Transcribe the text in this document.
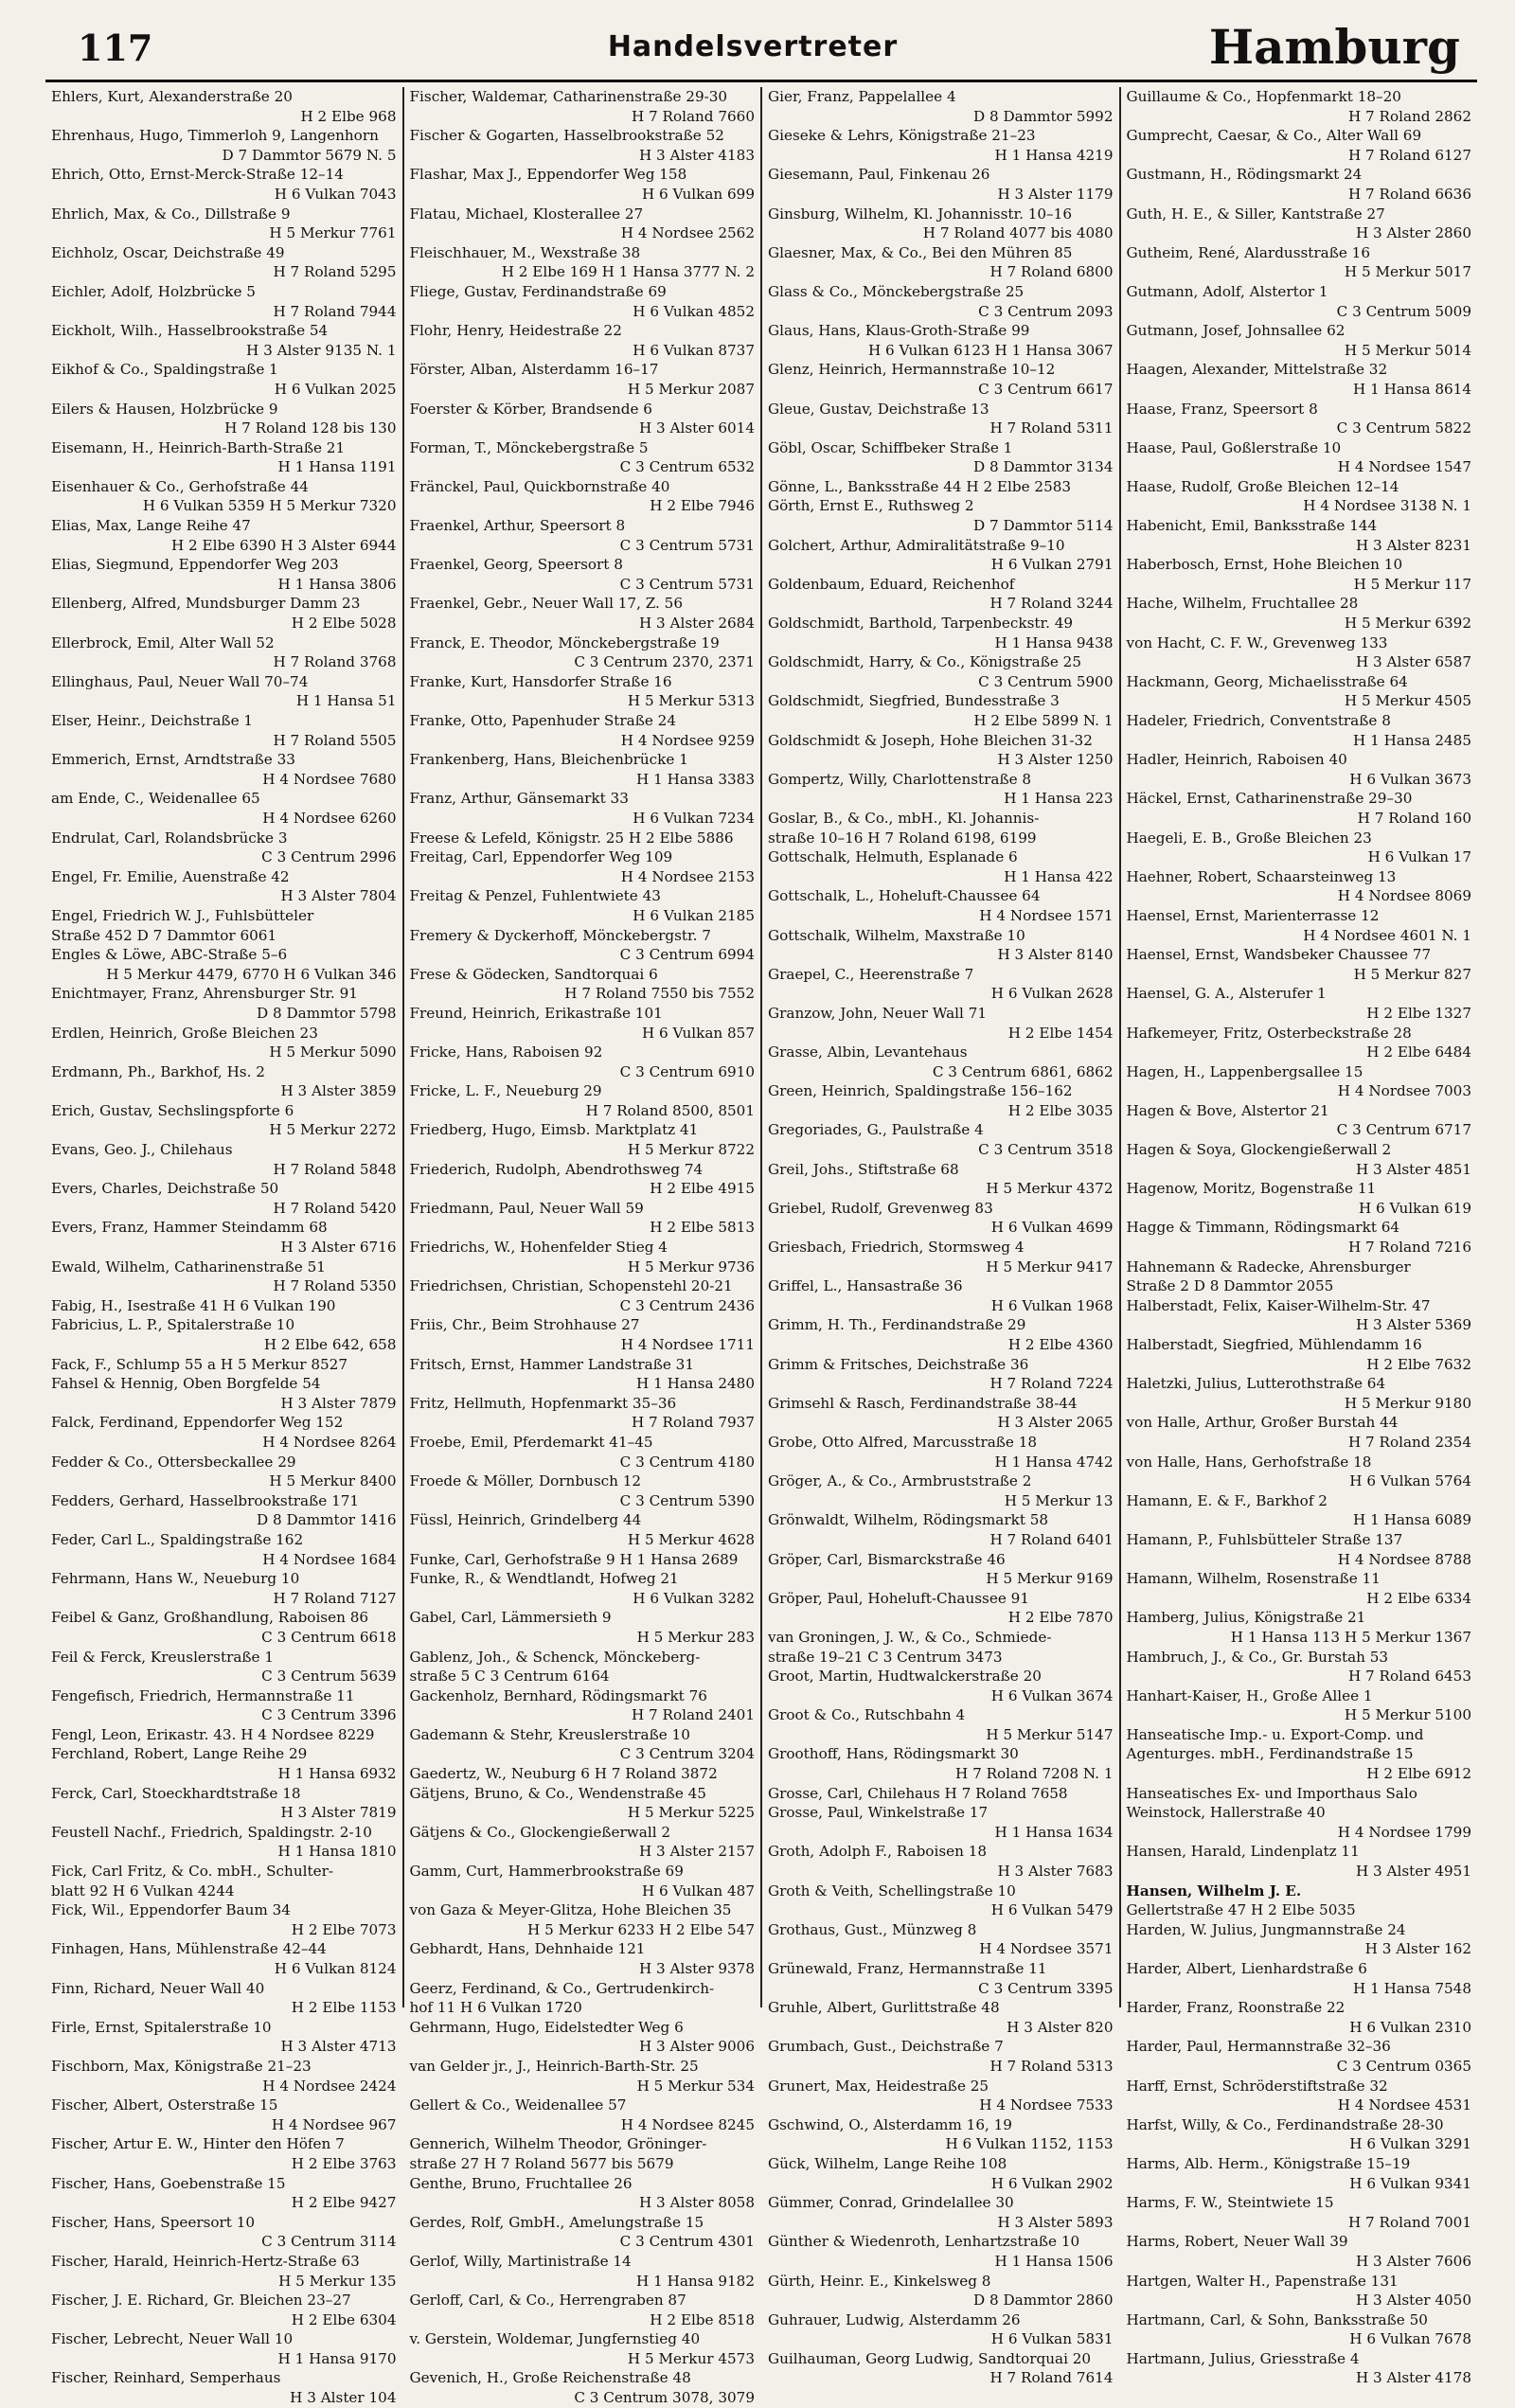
117	Handelsvertreter	Hamburg
Ehlers, Kurt, Alexanderstraße 20
H 2 Elbe 968
Ehrenhaus, Hugo, Timmerloh 9, Langenhorn
D 7 Dammtor 5679 N. 5
Ehrich, Otto, Ernst-Merck-Straße 12–14
H 6 Vulkan 7043
Ehrlich, Max, & Co., Dillstraße 9
H 5 Merkur 7761
Eichholz, Oscar, Deichstraße 49
H 7 Roland 5295
Eichler, Adolf, Holzbrücke 5
H 7 Roland 7944
Eickholt, Wilh., Hasselbrookstraße 54
H 3 Alster 9135 N. 1
Eikhof & Co., Spaldingstraße 1
H 6 Vulkan 2025
Eilers & Hausen, Holzbrücke 9
H 7 Roland 128 bis 130
Eisemann, H., Heinrich-Barth-Straße 21
H 1 Hansa 1191
Eisenhauer & Co., Gerhofstraße 44
H 6 Vulkan 5359 H 5 Merkur 7320
Elias, Max, Lange Reihe 47
H 2 Elbe 6390 H 3 Alster 6944
Elias, Siegmund, Eppendorfer Weg 203
H 1 Hansa 3806
Ellenberg, Alfred, Mundsburger Damm 23
H 2 Elbe 5028
Ellerbrock, Emil, Alter Wall 52
H 7 Roland 3768
Ellinghaus, Paul, Neuer Wall 70–74
H 1 Hansa 51
Elser, Heinr., Deichstraße 1
H 7 Roland 5505
Emmerich, Ernst, Arndtstraße 33
H 4 Nordsee 7680
am Ende, C., Weidenallee 65
H 4 Nordsee 6260
Endrulat, Carl, Rolandsbrücke 3
C 3 Centrum 2996
Engel, Fr. Emilie, Auenstraße 42
H 3 Alster 7804
Engel, Friedrich W. J., Fuhlsbütteler
Straße 452 D 7 Dammtor 6061
Engles & Löwe, ABC-Straße 5–6
H 5 Merkur 4479, 6770 H 6 Vulkan 346
Enichtmayer, Franz, Ahrensburger Str. 91
D 8 Dammtor 5798
Erdlen, Heinrich, Große Bleichen 23
H 5 Merkur 5090
Erdmann, Ph., Barkhof, Hs. 2
H 3 Alster 3859
Erich, Gustav, Sechslingspforte 6
H 5 Merkur 2272
Evans, Geo. J., Chilehaus
H 7 Roland 5848
Evers, Charles, Deichstraße 50
H 7 Roland 5420
Evers, Franz, Hammer Steindamm 68
H 3 Alster 6716
Ewald, Wilhelm, Catharinenstraße 51
H 7 Roland 5350
Fabig, H., Isestraße 41 H 6 Vulkan 190
Fabricius, L. P., Spitalerstraße 10
H 2 Elbe 642, 658
Fack, F., Schlump 55 a H 5 Merkur 8527
Fahsel & Hennig, Oben Borgfelde 54
H 3 Alster 7879
Falck, Ferdinand, Eppendorfer Weg 152
H 4 Nordsee 8264
Fedder & Co., Ottersbeckallee 29
H 5 Merkur 8400
Fedders, Gerhard, Hasselbrookstraße 171
D 8 Dammtor 1416
Feder, Carl L., Spaldingstraße 162
H 4 Nordsee 1684
Fehrmann, Hans W., Neueburg 10
H 7 Roland 7127
Feibel & Ganz, Großhandlung, Raboisen 86
C 3 Centrum 6618
Feil & Ferck, Kreuslerstraße 1
C 3 Centrum 5639
Fengefisch, Friedrich, Hermannstraße 11
C 3 Centrum 3396
Fengl, Leon, Eriкastr. 43. H 4 Nordsee 8229
Ferchland, Robert, Lange Reihe 29
H 1 Hansa 6932
Ferck, Carl, Stoeckhardtstraße 18
H 3 Alster 7819
Feustell Nachf., Friedrich, Spaldingstr. 2-10
H 1 Hansa 1810
Fick, Carl Fritz, & Co. mbH., Schulter-
blatt 92 H 6 Vulkan 4244
Fick, Wil., Eppendorfer Baum 34
H 2 Elbe 7073
Finhagen, Hans, Mühlenstraße 42–44
H 6 Vulkan 8124
Finn, Richard, Neuer Wall 40
H 2 Elbe 1153
Firle, Ernst, Spitalerstraße 10
H 3 Alster 4713
Fischborn, Max, Königstraße 21–23
H 4 Nordsee 2424
Fischer, Albert, Osterstraße 15
H 4 Nordsee 967
Fischer, Artur E. W., Hinter den Höfen 7
H 2 Elbe 3763
Fischer, Hans, Goebenstraße 15
H 2 Elbe 9427
Fischer, Hans, Speersort 10
C 3 Centrum 3114
Fischer, Harald, Heinrich-Hertz-Straße 63
H 5 Merkur 135
Fischer, J. E. Richard, Gr. Bleichen 23–27
H 2 Elbe 6304
Fischer, Lebrecht, Neuer Wall 10
H 1 Hansa 9170
Fischer, Reinhard, Semperhaus
H 3 Alster 104
Fischer, Waldemar, Catharinenstraße 29-30
H 7 Roland 7660
Fischer & Gogarten, Hasselbrookstraße 52
H 3 Alster 4183
Flashar, Max J., Eppendorfer Weg 158
H 6 Vulkan 699
Flatau, Michael, Klosterallee 27
H 4 Nordsee 2562
Fleischhauer, M., Wexstraße 38
H 2 Elbe 169 H 1 Hansa 3777 N. 2
Fliege, Gustav, Ferdinandstraße 69
H 6 Vulkan 4852
Flohr, Henry, Heidestraße 22
H 6 Vulkan 8737
Förster, Alban, Alsterdamm 16–17
H 5 Merkur 2087
Foerster & Körber, Brandsende 6
H 3 Alster 6014
Forman, T., Mönckebergstraße 5
C 3 Centrum 6532
Fränckel, Paul, Quickbornstraße 40
H 2 Elbe 7946
Fraenkel, Arthur, Speersort 8
C 3 Centrum 5731
Fraenkel, Georg, Speersort 8
C 3 Centrum 5731
Fraenkel, Gebr., Neuer Wall 17, Z. 56
H 3 Alster 2684
Franck, E. Theodor, Mönckebergstraße 19
C 3 Centrum 2370, 2371
Franke, Kurt, Hansdorfer Straße 16
H 5 Merkur 5313
Franke, Otto, Papenhuder Straße 24
H 4 Nordsee 9259
Frankenberg, Hans, Bleichenbrücke 1
H 1 Hansa 3383
Franz, Arthur, Gänsemarkt 33
H 6 Vulkan 7234
Freese & Lefeld, Königstr. 25 H 2 Elbe 5886
Freitag, Carl, Eppendorfer Weg 109
H 4 Nordsee 2153
Freitag & Penzel, Fuhlentwiete 43
H 6 Vulkan 2185
Fremery & Dyckerhoff, Mönckebergstr. 7
C 3 Centrum 6994
Frese & Gödecken, Sandtorquai 6
H 7 Roland 7550 bis 7552
Freund, Heinrich, Erikastraße 101
H 6 Vulkan 857
Fricke, Hans, Raboisen 92
C 3 Centrum 6910
Fricke, L. F., Neueburg 29
H 7 Roland 8500, 8501
Friedberg, Hugo, Eimsb. Marktplatz 41
H 5 Merkur 8722
Friederich, Rudolph, Abendrothsweg 74
H 2 Elbe 4915
Friedmann, Paul, Neuer Wall 59
H 2 Elbe 5813
Friedrichs, W., Hohenfelder Stieg 4
H 5 Merkur 9736
Friedrichsen, Christian, Schopenstehl 20-21
C 3 Centrum 2436
Friis, Chr., Beim Strohhause 27
H 4 Nordsee 1711
Fritsch, Ernst, Hammer Landstraße 31
H 1 Hansa 2480
Fritz, Hellmuth, Hopfenmarkt 35–36
H 7 Roland 7937
Froebe, Emil, Pferdemarkt 41–45
C 3 Centrum 4180
Froede & Möller, Dornbusch 12
C 3 Centrum 5390
Füssl, Heinrich, Grindelberg 44
H 5 Merkur 4628
Funke, Carl, Gerhofstraße 9 H 1 Hansa 2689
Funke, R., & Wendtlandt, Hofweg 21
H 6 Vulkan 3282
Gabel, Carl, Lämmersieth 9
H 5 Merkur 283
Gablenz, Joh., & Schenck, Mönckeberg-
straße 5 C 3 Centrum 6164
Gackenholz, Bernhard, Rödingsmarkt 76
H 7 Roland 2401
Gademann & Stehr, Kreuslerstraße 10
C 3 Centrum 3204
Gaedertz, W., Neuburg 6 H 7 Roland 3872
Gätjens, Bruno, & Co., Wendenstraße 45
H 5 Merkur 5225
Gätjens & Co., Glockengießerwall 2
H 3 Alster 2157
Gamm, Curt, Hammerbrookstraße 69
H 6 Vulkan 487
von Gaza & Meyer-Glitza, Hohe Bleichen 35
H 5 Merkur 6233 H 2 Elbe 547
Gebhardt, Hans, Dehnhaide 121
H 3 Alster 9378
Geerz, Ferdinand, & Co., Gertrudenkirch-
hof 11 H 6 Vulkan 1720
Gehrmann, Hugo, Eidelstedter Weg 6
H 3 Alster 9006
van Gelder jr., J., Heinrich-Barth-Str. 25
H 5 Merkur 534
Gellert & Co., Weidenallee 57
H 4 Nordsee 8245
Gennerich, Wilhelm Theodor, Gröninger-
straße 27 H 7 Roland 5677 bis 5679
Genthe, Bruno, Fruchtallee 26
H 3 Alster 8058
Gerdes, Rolf, GmbH., Amelungstraße 15
C 3 Centrum 4301
Gerlof, Willy, Martinistraße 14
H 1 Hansa 9182
Gerloff, Carl, & Co., Herrengraben 87
H 2 Elbe 8518
v. Gerstein, Woldemar, Jungfernstieg 40
H 5 Merkur 4573
Gevenich, H., Große Reichenstraße 48
C 3 Centrum 3078, 3079
Gier, Franz, Pappelallee 4
D 8 Dammtor 5992
Gieseke & Lehrs, Königstraße 21–23
H 1 Hansa 4219
Giesemann, Paul, Finkenau 26
H 3 Alster 1179
Ginsburg, Wilhelm, Kl. Johannisstr. 10–16
H 7 Roland 4077 bis 4080
Glaesner, Max, & Co., Bei den Mühren 85
H 7 Roland 6800
Glass & Co., Mönckebergstraße 25
C 3 Centrum 2093
Glaus, Hans, Klaus-Groth-Straße 99
H 6 Vulkan 6123 H 1 Hansa 3067
Glenz, Heinrich, Hermannstraße 10–12
C 3 Centrum 6617
Gleue, Gustav, Deichstraße 13
H 7 Roland 5311
Göbl, Oscar, Schiffbeker Straße 1
D 8 Dammtor 3134
Gönne, L., Banksstraße 44 H 2 Elbe 2583
Görth, Ernst E., Ruthsweg 2
D 7 Dammtor 5114
Golchert, Arthur, Admiralitätstraße 9–10
H 6 Vulkan 2791
Goldenbaum, Eduard, Reichenhof
H 7 Roland 3244
Goldschmidt, Barthold, Tarpenbeckstr. 49
H 1 Hansa 9438
Goldschmidt, Harry, & Co., Königstraße 25
C 3 Centrum 5900
Goldschmidt, Siegfried, Bundesstraße 3
H 2 Elbe 5899 N. 1
Goldschmidt & Joseph, Hohe Bleichen 31-32
H 3 Alster 1250
Gompertz, Willy, Charlottenstraße 8
H 1 Hansa 223
Goslar, B., & Co., mbH., Kl. Johannis-
straße 10–16 H 7 Roland 6198, 6199
Gottschalk, Helmuth, Esplanade 6
H 1 Hansa 422
Gottschalk, L., Hoheluft-Chaussee 64
H 4 Nordsee 1571
Gottschalk, Wilhelm, Maxstraße 10
H 3 Alster 8140
Graepel, C., Heerenstraße 7
H 6 Vulkan 2628
Granzow, John, Neuer Wall 71
H 2 Elbe 1454
Grasse, Albin, Levantehaus
C 3 Centrum 6861, 6862
Green, Heinrich, Spaldingstraße 156–162
H 2 Elbe 3035
Gregoriades, G., Paulstraße 4
C 3 Centrum 3518
Greil, Johs., Stiftstraße 68
H 5 Merkur 4372
Griebel, Rudolf, Grevenweg 83
H 6 Vulkan 4699
Griesbach, Friedrich, Stormsweg 4
H 5 Merkur 9417
Griffel, L., Hansastraße 36
H 6 Vulkan 1968
Grimm, H. Th., Ferdinandstraße 29
H 2 Elbe 4360
Grimm & Fritsches, Deichstraße 36
H 7 Roland 7224
Grimsehl & Rasch, Ferdinandstraße 38-44
H 3 Alster 2065
Grobe, Otto Alfred, Marcusstraße 18
H 1 Hansa 4742
Gröger, A., & Co., Armbruststraße 2
H 5 Merkur 13
Grönwaldt, Wilhelm, Rödingsmarkt 58
H 7 Roland 6401
Gröper, Carl, Bismarckstraße 46
H 5 Merkur 9169
Gröper, Paul, Hoheluft-Chaussee 91
H 2 Elbe 7870
van Groningen, J. W., & Co., Schmiede-
straße 19–21 C 3 Centrum 3473
Groot, Martin, Hudtwalckerstraße 20
H 6 Vulkan 3674
Groot & Co., Rutschbahn 4
H 5 Merkur 5147
Groothoff, Hans, Rödingsmarkt 30
H 7 Roland 7208 N. 1
Grosse, Carl, Chilehaus H 7 Roland 7658
Grosse, Paul, Winkelstraße 17
H 1 Hansa 1634
Groth, Adolph F., Raboisen 18
H 3 Alster 7683
Groth & Veith, Schellingstraße 10
H 6 Vulkan 5479
Grothaus, Gust., Münzweg 8
H 4 Nordsee 3571
Grünewald, Franz, Hermannstraße 11
C 3 Centrum 3395
Gruhle, Albert, Gurlittstraße 48
H 3 Alster 820
Grumbach, Gust., Deichstraße 7
H 7 Roland 5313
Grunert, Max, Heidestraße 25
H 4 Nordsee 7533
Gschwind, O., Alsterdamm 16, 19
H 6 Vulkan 1152, 1153
Gück, Wilhelm, Lange Reihe 108
H 6 Vulkan 2902
Gümmer, Conrad, Grindelallee 30
H 3 Alster 5893
Günther & Wiedenroth, Lenhartzstraße 10
H 1 Hansa 1506
Gürth, Heinr. E., Kinkelsweg 8
D 8 Dammtor 2860
Guhrauer, Ludwig, Alsterdamm 26
H 6 Vulkan 5831
Guilhauman, Georg Ludwig, Sandtorquai 20
H 7 Roland 7614
Guillaume & Co., Hopfenmarkt 18–20
H 7 Roland 2862
Gumprecht, Caesar, & Co., Alter Wall 69
H 7 Roland 6127
Gustmann, H., Rödingsmarkt 24
H 7 Roland 6636
Guth, H. E., & Siller, Kantstraße 27
H 3 Alster 2860
Gutheim, René, Alardusstraße 16
H 5 Merkur 5017
Gutmann, Adolf, Alstertor 1
C 3 Centrum 5009
Gutmann, Josef, Johnsallee 62
H 5 Merkur 5014
Haagen, Alexander, Mittelstraße 32
H 1 Hansa 8614
Haase, Franz, Speersort 8
C 3 Centrum 5822
Haase, Paul, Goßlerstraße 10
H 4 Nordsee 1547
Haase, Rudolf, Große Bleichen 12–14
H 4 Nordsee 3138 N. 1
Habenicht, Emil, Banksstraße 144
H 3 Alster 8231
Haberbosch, Ernst, Hohe Bleichen 10
H 5 Merkur 117
Hache, Wilhelm, Fruchtallee 28
H 5 Merkur 6392
von Hacht, C. F. W., Grevenweg 133
H 3 Alster 6587
Hackmann, Georg, Michaelisstraße 64
H 5 Merkur 4505
Hadeler, Friedrich, Conventstraße 8
H 1 Hansa 2485
Hadler, Heinrich, Raboisen 40
H 6 Vulkan 3673
Häckel, Ernst, Catharinenstraße 29–30
H 7 Roland 160
Haegeli, E. B., Große Bleichen 23
H 6 Vulkan 17
Haehner, Robert, Schaarsteinweg 13
H 4 Nordsee 8069
Haensel, Ernst, Marienterrasse 12
H 4 Nordsee 4601 N. 1
Haensel, Ernst, Wandsbeker Chaussee 77
H 5 Merkur 827
Haensel, G. A., Alsterufer 1
H 2 Elbe 1327
Hafkemeyer, Fritz, Osterbeckstraße 28
H 2 Elbe 6484
Hagen, H., Lappenbergsallee 15
H 4 Nordsee 7003
Hagen & Bove, Alstertor 21
C 3 Centrum 6717
Hagen & Soya, Glockengießerwall 2
H 3 Alster 4851
Hagenow, Moritz, Bogenstraße 11
H 6 Vulkan 619
Hagge & Timmann, Rödingsmarkt 64
H 7 Roland 7216
Hahnemann & Radecke, Ahrensburger
Straße 2 D 8 Dammtor 2055
Halberstadt, Felix, Kaiser-Wilhelm-Str. 47
H 3 Alster 5369
Halberstadt, Siegfried, Mühlendamm 16
H 2 Elbe 7632
Haletzki, Julius, Lutterothstraße 64
H 5 Merkur 9180
von Halle, Arthur, Großer Burstah 44
H 7 Roland 2354
von Halle, Hans, Gerhofstraße 18
H 6 Vulkan 5764
Hamann, E. & F., Barkhof 2
H 1 Hansa 6089
Hamann, P., Fuhlsbütteler Straße 137
H 4 Nordsee 8788
Hamann, Wilhelm, Rosenstraße 11
H 2 Elbe 6334
Hamberg, Julius, Königstraße 21
H 1 Hansa 113 H 5 Merkur 1367
Hambruch, J., & Co., Gr. Burstah 53
H 7 Roland 6453
Hanhart-Kaiser, H., Große Allee 1
H 5 Merkur 5100
Hanseatische Imp.- u. Export-Comp. und
Agenturges. mbH., Ferdinandstraße 15
H 2 Elbe 6912
Hanseatisches Ex- und Importhaus Salo
Weinstock, Hallerstraße 40
H 4 Nordsee 1799
Hansen, Harald, Lindenplatz 11
H 3 Alster 4951
Hansen, Wilhelm J. E.
Gellertstraße 47 H 2 Elbe 5035
Harden, W. Julius, Jungmannstraße 24
H 3 Alster 162
Harder, Albert, Lienhardstraße 6
H 1 Hansa 7548
Harder, Franz, Roonstraße 22
H 6 Vulkan 2310
Harder, Paul, Hermannstraße 32–36
C 3 Centrum 0365
Harff, Ernst, Schröderstiftstraße 32
H 4 Nordsee 4531
Harfst, Willy, & Co., Ferdinandstraße 28-30
H 6 Vulkan 3291
Harms, Alb. Herm., Königstraße 15–19
H 6 Vulkan 9341
Harms, F. W., Steintwiete 15
H 7 Roland 7001
Harms, Robert, Neuer Wall 39
H 3 Alster 7606
Hartgen, Walter H., Papenstraße 131
H 3 Alster 4050
Hartmann, Carl, & Sohn, Banksstraße 50
H 6 Vulkan 7678
Hartmann, Julius, Griesstraße 4
H 3 Alster 4178
